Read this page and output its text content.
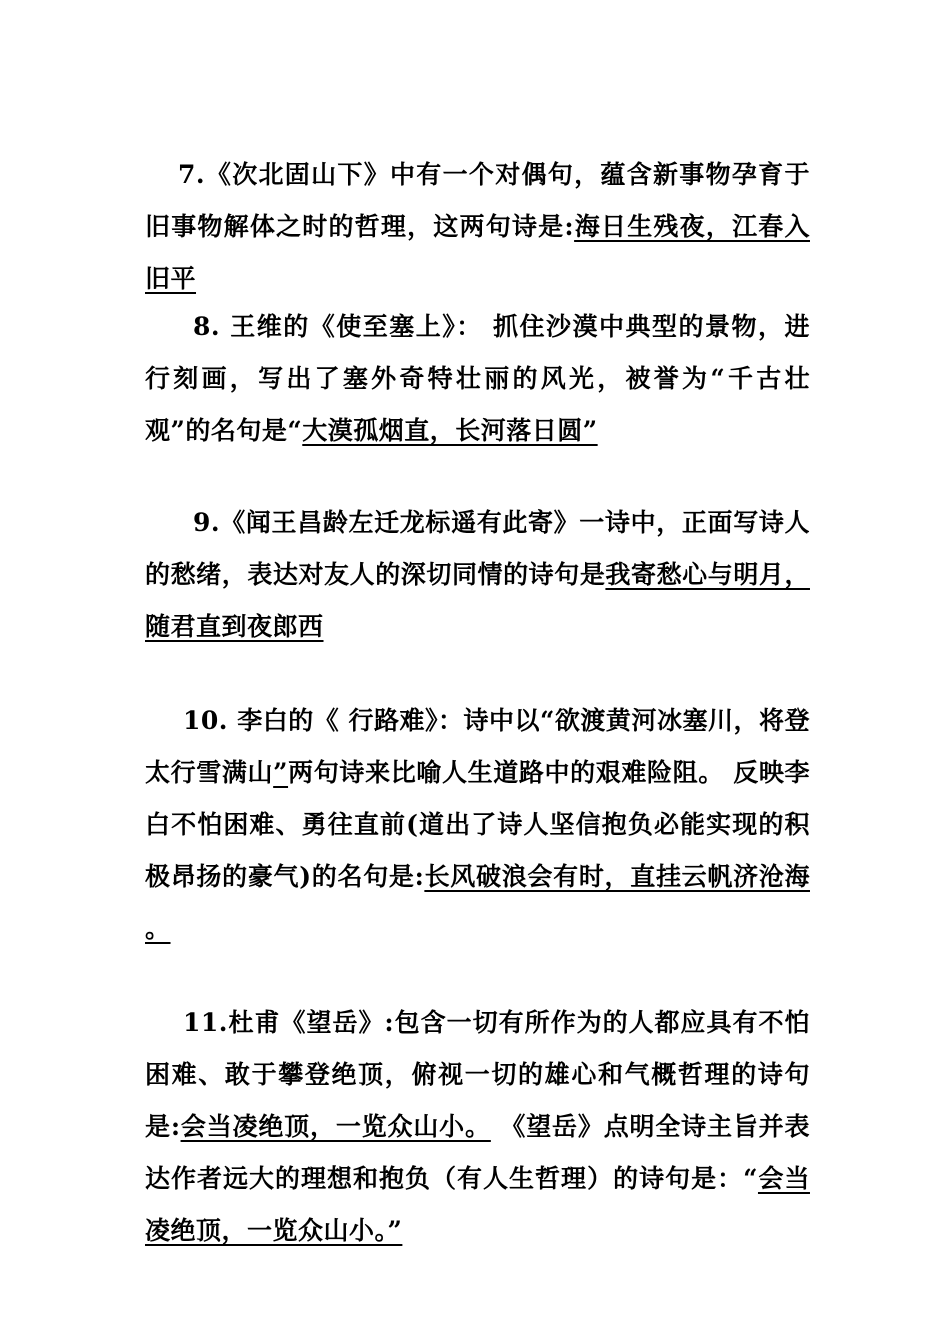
7.《次北固山下》中有一个对偶句，蕴含新事物孕育于旧事物解体之时的哲理，这两句诗是:海日生残夜，江春入旧平

8. 王维的《使至塞上》： 抓住沙漠中典型的景物，进行刻画，写出了塞外奇特壮丽的风光，被誉为“千古壮观”的名句是“大漠孤烟直，长河落日圆”

9.《闻王昌龄左迁龙标遥有此寄》一诗中，正面写诗人的愁绪，表达对友人的深切同情的诗句是我寄愁心与明月，随君直到夜郎西

10. 李白的《 行路难》：诗中以“欲渡黄河冰塞川，将登太行雪满山”两句诗来比喻人生道路中的艰难险阻。 反映李白不怕困难、勇往直前(道出了诗人坚信抱负必能实现的积极昂扬的豪气)的名句是:长风破浪会有时，直挂云帆济沧海 。

11.杜甫《望岳》:包含一切有所作为的人都应具有不怕困难、敢于攀登绝顶，俯视一切的雄心和气概哲理的诗句是:会当凌绝顶，一览众山小。 《望岳》点明全诗主旨并表达作者远大的理想和抱负（有人生哲理）的诗句是：“会当凌绝顶，一览众山小。”
